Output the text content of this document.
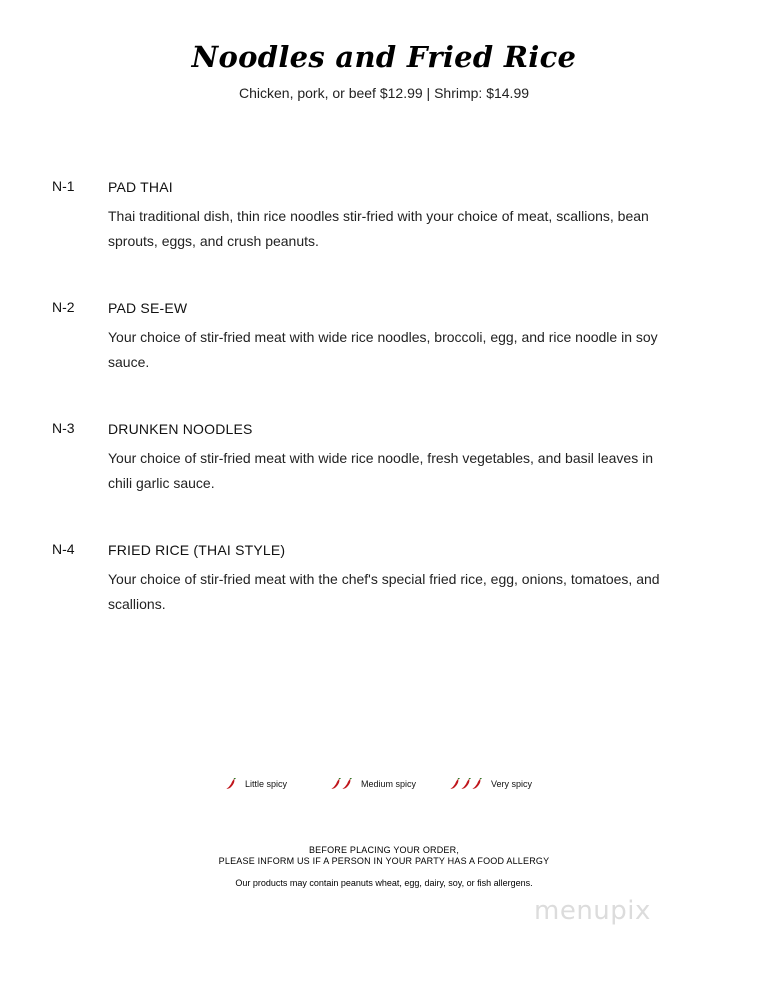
Noodles and Fried Rice
Chicken, pork, or beef $12.99 | Shrimp: $14.99
N-1 PAD THAI
Thai traditional dish, thin rice noodles stir-fried with your choice of meat, scallions, bean sprouts, eggs, and crush peanuts.
N-2 PAD SE-EW
Your choice of stir-fried meat with wide rice noodles, broccoli, egg, and rice noodle in soy sauce.
N-3 DRUNKEN NOODLES
Your choice of stir-fried meat with wide rice noodle, fresh vegetables, and basil leaves in chili garlic sauce.
N-4 FRIED RICE (THAI STYLE)
Your choice of stir-fried meat with the chef's special fried rice, egg, onions, tomatoes, and scallions.
Little spicy	Medium spicy	Very spicy
BEFORE PLACING YOUR ORDER,
PLEASE INFORM US IF A PERSON IN YOUR PARTY HAS A FOOD ALLERGY
Our products may contain peanuts wheat, egg, dairy, soy, or fish allergens.
menupix
